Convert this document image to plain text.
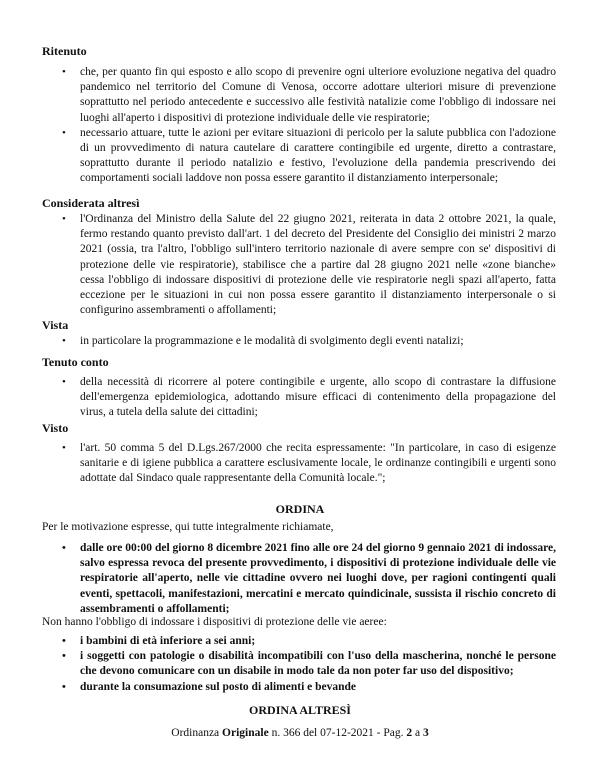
Ritenuto
• che, per quanto fin qui esposto e allo scopo di prevenire ogni ulteriore evoluzione negativa del quadro pandemico nel territorio del Comune di Venosa, occorre adottare ulteriori misure di prevenzione soprattutto nel periodo antecedente e successivo alle festività natalizie come l'obbligo di indossare nei luoghi all'aperto i dispositivi di protezione individuale delle vie respiratorie;
• necessario attuare, tutte le azioni per evitare situazioni di pericolo per la salute pubblica con l'adozione di un provvedimento di natura cautelare di carattere contingibile ed urgente, diretto a contrastare, soprattutto durante il periodo natalizio e festivo, l'evoluzione della pandemia prescrivendo dei comportamenti sociali laddove non possa essere garantito il distanziamento interpersonale;
Considerata altresì
• l'Ordinanza del Ministro della Salute del 22 giugno 2021, reiterata in data 2 ottobre 2021, la quale, fermo restando quanto previsto dall'art. 1 del decreto del Presidente del Consiglio dei ministri 2 marzo 2021 (ossia, tra l'altro, l'obbligo sull'intero territorio nazionale di avere sempre con se' dispositivi di protezione delle vie respiratorie), stabilisce che a partire dal 28 giugno 2021 nelle «zone bianche» cessa l'obbligo di indossare dispositivi di protezione delle vie respiratorie negli spazi all'aperto, fatta eccezione per le situazioni in cui non possa essere garantito il distanziamento interpersonale o si configurino assembramenti o affollamenti;
Vista
• in particolare la programmazione e le modalità di svolgimento degli eventi natalizi;
Tenuto conto
• della necessità di ricorrere al potere contingibile e urgente, allo scopo di contrastare la diffusione dell'emergenza epidemiologica, adottando misure efficaci di contenimento della propagazione del virus, a tutela della salute dei cittadini;
Visto
• l'art. 50 comma 5 del D.Lgs.267/2000 che recita espressamente: "In particolare, in caso di esigenze sanitarie e di igiene pubblica a carattere esclusivamente locale, le ordinanze contingibili e urgenti sono adottate dal Sindaco quale rappresentante della Comunità locale.";
ORDINA
Per le motivazione espresse, qui tutte integralmente richiamate,
• dalle ore 00:00 del giorno 8 dicembre 2021 fino alle ore 24 del giorno 9 gennaio 2021 di indossare, salvo espressa revoca del presente provvedimento, i dispositivi di protezione individuale delle vie respiratorie all'aperto, nelle vie cittadine ovvero nei luoghi dove, per ragioni contingenti quali eventi, spettacoli, manifestazioni, mercatini e mercato quindicinale, sussista il rischio concreto di assembramenti o affollamenti;
Non hanno l'obbligo di indossare i dispositivi di protezione delle vie aeree:
• i bambini di età inferiore a sei anni;
• i soggetti con patologie o disabilità incompatibili con l'uso della mascherina, nonché le persone che devono comunicare con un disabile in modo tale da non poter far uso del dispositivo;
• durante la consumazione sul posto di alimenti e bevande
ORDINA ALTRESÌ
Ordinanza Originale n. 366 del 07-12-2021 - Pag. 2 a 3
